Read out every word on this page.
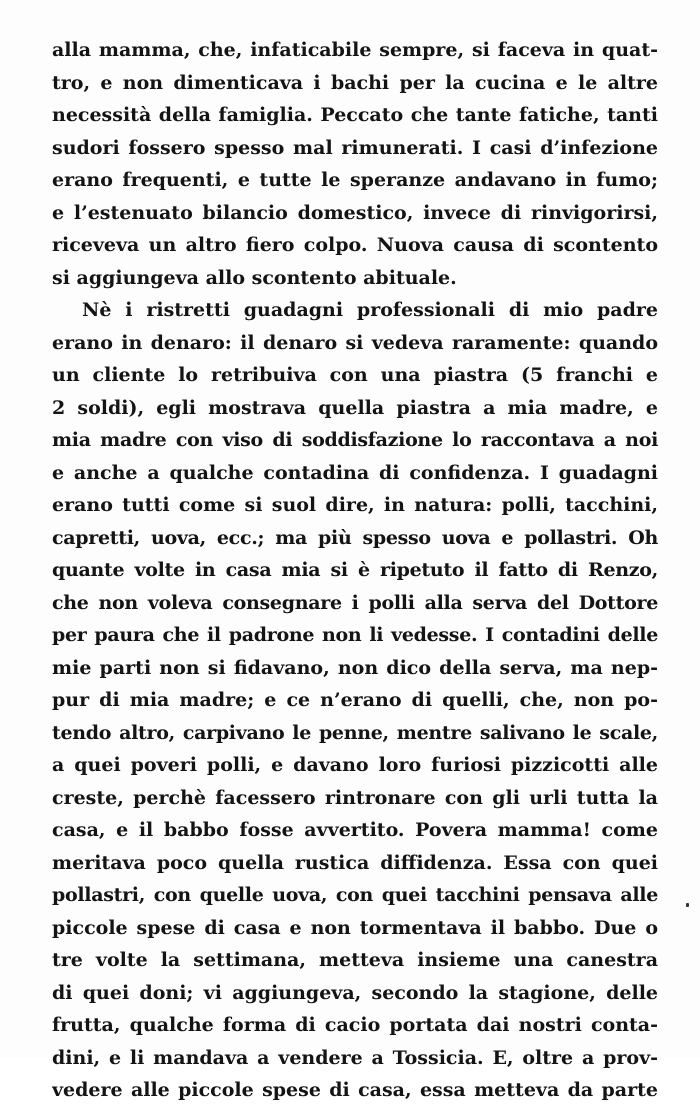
alla mamma, che, infaticabile sempre, si faceva in quat-
tro, e non dimenticava i bachi per la cucina e le altre
necessità della famiglia. Peccato che tante fatiche, tanti
sudori fossero spesso mal rimunerati. I casi d’infezione
erano frequenti, e tutte le speranze andavano in fumo;
e l’estenuato bilancio domestico, invece di rinvigorirsi,
riceveva un altro fiero colpo. Nuova causa di scontento
si aggiungeva allo scontento abituale.
Nè i ristretti guadagni professionali di mio padre
erano in denaro: il denaro si vedeva raramente: quando
un cliente lo retribuiva con una piastra (5 franchi e
2 soldi), egli mostrava quella piastra a mia madre, e
mia madre con viso di soddisfazione lo raccontava a noi
e anche a qualche contadina di confidenza. I guadagni
erano tutti come si suol dire, in natura: polli, tacchini,
capretti, uova, ecc.; ma più spesso uova e pollastri. Oh
quante volte in casa mia si è ripetuto il fatto di Renzo,
che non voleva consegnare i polli alla serva del Dottore
per paura che il padrone non li vedesse. I contadini delle
mie parti non si fidavano, non dico della serva, ma nep-
pur di mia madre; e ce n’erano di quelli, che, non po-
tendo altro, carpivano le penne, mentre salivano le scale,
a quei poveri polli, e davano loro furiosi pizzicotti alle
creste, perchè facessero rintronare con gli urli tutta la
casa, e il babbo fosse avvertito. Povera mamma! come
meritava poco quella rustica diffidenza. Essa con quei
pollastri, con quelle uova, con quei tacchini pensava alle
piccole spese di casa e non tormentava il babbo. Due o
tre volte la settimana, metteva insieme una canestra
di quei doni; vi aggiungeva, secondo la stagione, delle
frutta, qualche forma di cacio portata dai nostri conta-
dini, e li mandava a vendere a Tossicia. E, oltre a prov-
vedere alle piccole spese di casa, essa metteva da parte
